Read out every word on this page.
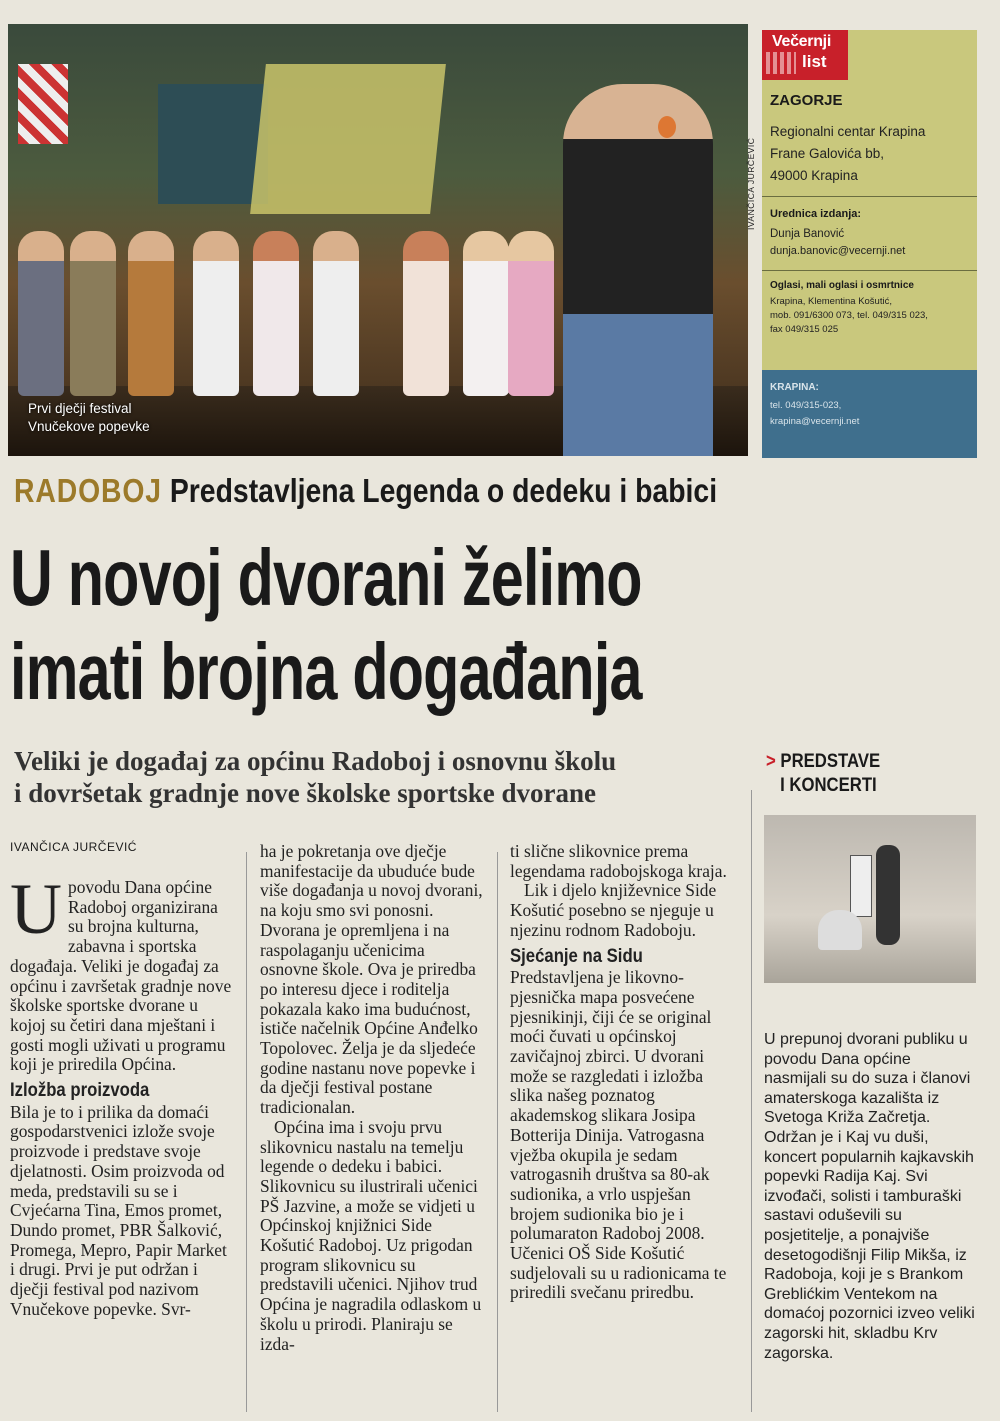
Prvi dječji festival
Vnučekove popevke
IVANČICA JURČEVIĆ
Večernji
list
ZAGORJE
Regionalni centar Krapina
Frane Galovića bb,
49000 Krapina
Urednica izdanja:
Dunja Banović
dunja.banovic@vecernji.net
Oglasi, mali oglasi i osmrtnice
Krapina, Klementina Košutić,
mob. 091/6300 073, tel. 049/315 023,
fax 049/315 025
KRAPINA:
tel. 049/315-023,
krapina@vecernji.net
RADOBOJ Predstavljena Legenda o dedeku i babici
U novoj dvorani želimo
imati brojna događanja
Veliki je događaj za općinu Radoboj i osnovnu školu
i dovršetak gradnje nove školske sportske dvorane
> PREDSTAVE
I KONCERTI
IVANČICA JURČEVIĆ

Upovodu Dana općine Radoboj organizirana su brojna kulturna, zabavna i sportska događaja. Veliki je događaj za općinu i završetak gradnje nove školske sportske dvorane u kojoj su četiri dana mještani i gosti mogli uživati u programu koji je priredila Općina.

Izložba proizvoda

Bila je to i prilika da domaći gospodarstvenici izlože svoje proizvode i predstave svoje djelatnosti. Osim proizvoda od meda, predstavili su se i Cvjećarna Tina, Emos promet, Dundo promet, PBR Šalković, Promega, Mepro, Papir Market i drugi. Prvi je put održan i dječji festival pod nazivom Vnučekove popevke. Svr-

ha je pokretanja ove dječje manifestacije da ubuduće bude više događanja u novoj dvorani, na koju smo svi ponosni. Dvorana je opremljena i na raspolaganju učenicima osnovne škole. Ova je priredba po interesu djece i roditelja pokazala kako ima budućnost, ističe načelnik Općine Anđelko Topolovec. Želja je da sljedeće godine nastanu nove popevke i da dječji festival postane tradicionalan.

Općina ima i svoju prvu slikovnicu nastalu na temelju legende o dedeku i babici. Slikovnicu su ilustrirali učenici PŠ Jazvine, a može se vidjeti u Općinskoj knjižnici Side Košutić Radoboj. Uz prigodan program slikovnicu su predstavili učenici. Njihov trud Općina je nagradila odlaskom u školu u prirodi. Planiraju se izda-

ti slične slikovnice prema legendama radobojskoga kraja.

Lik i djelo književnice Side Košutić posebno se njeguje u njezinu rodnom Radoboju.

Sjećanje na Sidu

Predstavljena je likovno-pjesnička mapa posvećene pjesnikinji, čiji će se original moći čuvati u općinskoj zavičajnoj zbirci. U dvorani može se razgledati i izložba slika našeg poznatog akademskog slikara Josipa Botterija Dinija. Vatrogasna vježba okupila je sedam vatrogasnih društva sa 80-ak sudionika, a vrlo uspješan brojem sudionika bio je i polumaraton Radoboj 2008. Učenici OŠ Side Košutić sudjelovali su u radionicama te priredili svečanu priredbu.

U prepunoj dvorani publiku u povodu Dana općine nasmijali su do suza i članovi amaterskoga kazališta iz Svetoga Križa Začretja. Održan je i Kaj vu duši, koncert popularnih kajkavskih popevki Radija Kaj. Svi izvođači, solisti i tamburaški sastavi oduševili su posjetitelje, a ponajviše desetogodišnji Filip Mikša, iz Radoboja, koji je s Brankom Greblićkim Ventekom na domaćoj pozornici izveo veliki zagorski hit, skladbu Krv zagorska.
